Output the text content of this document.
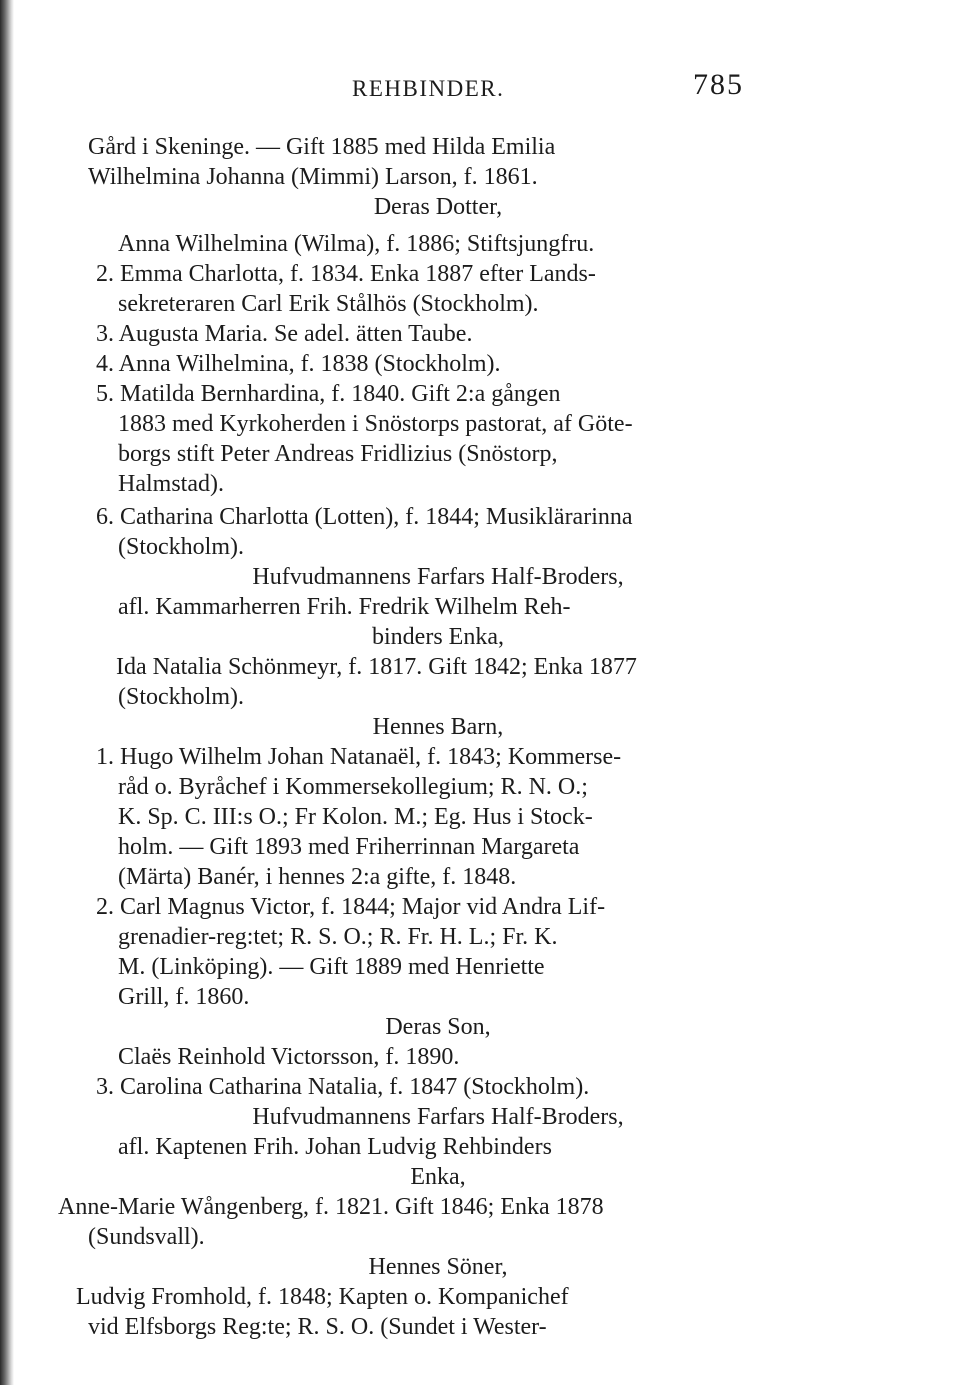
REHBINDER.	785
Gård i Skeninge. — Gift 1885 med Hilda Emilia
Wilhelmina Johanna (Mimmi) Larson, f. 1861.
Deras Dotter,
Anna Wilhelmina (Wilma), f. 1886; Stiftsjungfru.
2. Emma Charlotta, f. 1834. Enka 1887 efter Lands-
sekreteraren Carl Erik Stålhös (Stockholm).
3. Augusta Maria. Se adel. ätten Taube.
4. Anna Wilhelmina, f. 1838 (Stockholm).
5. Matilda Bernhardina, f. 1840. Gift 2:a gången
1883 med Kyrkoherden i Snöstorps pastorat, af Göte-
borgs stift Peter Andreas Fridlizius (Snöstorp,
Halmstad).
6. Catharina Charlotta (Lotten), f. 1844; Musiklärarinna
(Stockholm).
Hufvudmannens Farfars Half-Broders,
afl. Kammarherren Frih. Fredrik Wilhelm Reh-
binders Enka,
Ida Natalia Schönmeyr, f. 1817. Gift 1842; Enka 1877
(Stockholm).
Hennes Barn,
1. Hugo Wilhelm Johan Natanaël, f. 1843; Kommerse-
råd o. Byråchef i Kommersekollegium; R. N. O.;
K. Sp. C. III:s O.; Fr Kolon. M.; Eg. Hus i Stock-
holm. — Gift 1893 med Friherrinnan Margareta
(Märta) Banér, i hennes 2:a gifte, f. 1848.
2. Carl Magnus Victor, f. 1844; Major vid Andra Lif-
grenadier-reg:tet; R. S. O.; R. Fr. H. L.; Fr. K.
M. (Linköping). — Gift 1889 med Henriette
Grill, f. 1860.
Deras Son,
Claës Reinhold Victorsson, f. 1890.
3. Carolina Catharina Natalia, f. 1847 (Stockholm).
Hufvudmannens Farfars Half-Broders,
afl. Kaptenen Frih. Johan Ludvig Rehbinders
Enka,
Anne-Marie Wångenberg, f. 1821. Gift 1846; Enka 1878
(Sundsvall).
Hennes Söner,
Ludvig Fromhold, f. 1848; Kapten o. Kompanichef
vid Elfsborgs Reg:te; R. S. O. (Sundet i Wester-
